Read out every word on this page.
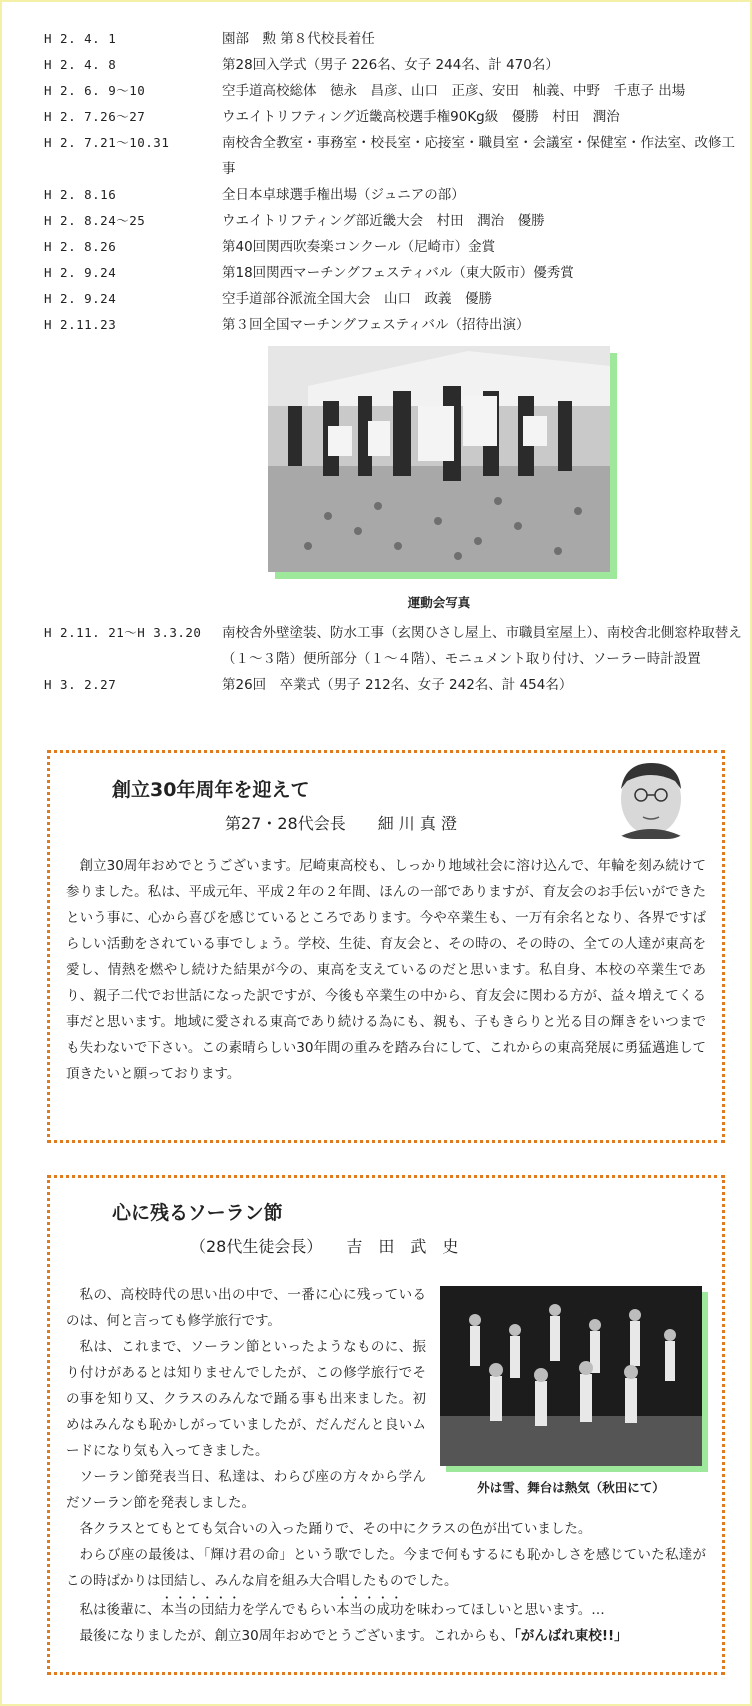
H 2. 4. 1	園部　勲 第８代校長着任
H 2. 4. 8	第28回入学式（男子 226名、女子 244名、計 470名）
H 2. 6. 9〜10	空手道高校総体　徳永　昌彦、山口　正彦、安田　杣義、中野　千恵子 出場
H 2. 7.26〜27	ウエイトリフティング近畿高校選手権90Kg級　優勝　村田　潤治
H 2. 7.21〜10.31	南校舎全教室・事務室・校長室・応接室・職員室・会議室・保健室・作法室、改修工事
H 2. 8.16	全日本卓球選手権出場（ジュニアの部）
H 2. 8.24〜25	ウエイトリフティング部近畿大会　村田　潤治　優勝
H 2. 8.26	第40回関西吹奏楽コンクール（尼崎市）金賞
H 2. 9.24	第18回関西マーチングフェスティバル（東大阪市）優秀賞
H 2. 9.24	空手道部谷派流全国大会　山口　政義　優勝
H 2.11.23	第３回全国マーチングフェスティバル（招待出演）
運動会写真
H 2.11. 21〜H 3.3.20	南校舎外壁塗装、防水工事（玄関ひさし屋上、市職員室屋上）、南校舎北側窓枠取替え（１〜３階）便所部分（１〜４階）、モニュメント取り付け、ソーラー時計設置
H 3. 2.27	第26回　卒業式（男子 212名、女子 242名、計 454名）
創立30年周年を迎えて
第27・28代会長　　細 川 真 澄

創立30周年おめでとうございます。尼崎東高校も、しっかり地域社会に溶け込んで、年輪を刻み続けて参りました。私は、平成元年、平成２年の２年間、ほんの一部でありますが、育友会のお手伝いができたという事に、心から喜びを感じているところであります。今や卒業生も、一万有余名となり、各界ですばらしい活動をされている事でしょう。学校、生徒、育友会と、その時の、その時の、全ての人達が東高を愛し、情熱を燃やし続けた結果が今の、東高を支えているのだと思います。私自身、本校の卒業生であり、親子二代でお世話になった訳ですが、今後も卒業生の中から、育友会に関わる方が、益々増えてくる事だと思います。地域に愛される東高であり続ける為にも、親も、子もきらりと光る目の輝きをいつまでも失わないで下さい。この素晴らしい30年間の重みを踏み台にして、これからの東高発展に勇猛邁進して頂きたいと願っております。

心に残るソーラン節
（28代生徒会長）　　吉　田　武　史
外は雪、舞台は熱気（秋田にて）

私の、高校時代の思い出の中で、一番に心に残っているのは、何と言っても修学旅行です。

私は、これまで、ソーラン節といったようなものに、振り付けがあるとは知りませんでしたが、この修学旅行でその事を知り又、クラスのみんなで踊る事も出来ました。初めはみんなも恥かしがっていましたが、だんだんと良いムードになり気も入ってきました。

ソーラン節発表当日、私達は、わらび座の方々から学んだソーラン節を発表しました。

各クラスとてもとても気合いの入った踊りで、その中にクラスの色が出ていました。

わらび座の最後は、「輝け君の命」という歌でした。今まで何もするにも恥かしさを感じていた私達がこの時ばかりは団結し、みんな肩を組み大合唱したものでした。

私は後輩に、本当の団結力を学んでもらい本当の成功を味わってほしいと思います。…

最後になりましたが、創立30周年おめでとうございます。これからも、「がんばれ東校!!」
